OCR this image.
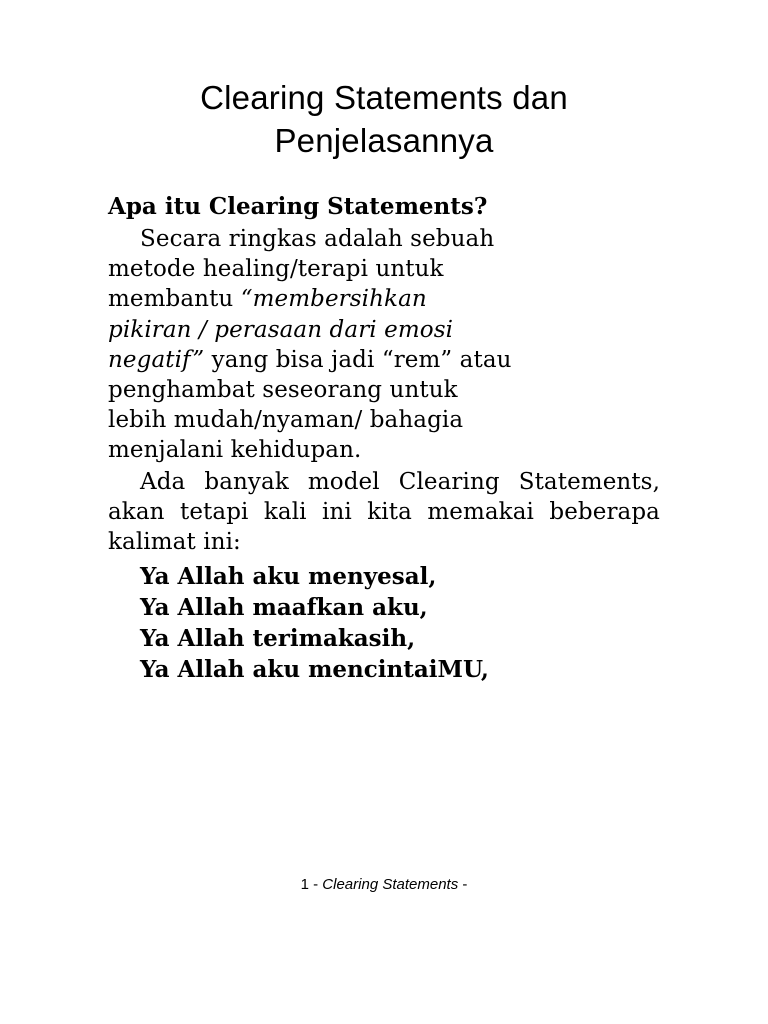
Clearing Statements dan
Penjelasannya
Apa itu Clearing Statements?

Secara ringkas adalah sebuah
metode healing/terapi untuk
membantu “membersihkan
pikiran / perasaan dari emosi
negatif” yang bisa jadi “rem” atau
penghambat seseorang untuk
lebih mudah/nyaman/ bahagia
menjalani kehidupan.

Ada banyak model Clearing Statements, akan tetapi kali ini kita memakai beberapa kalimat ini:

Ya Allah aku menyesal,
Ya Allah maafkan aku,
Ya Allah terimakasih,
Ya Allah aku mencintaiMU,
1 - Clearing Statements -
